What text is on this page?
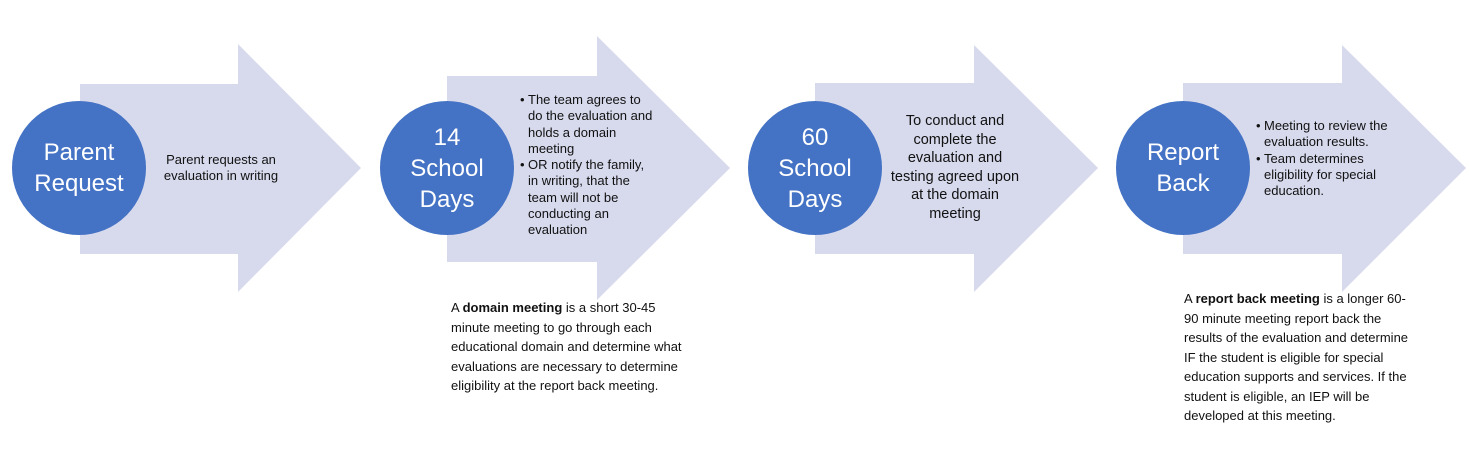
Parent
Request
14
School
Days
60
School
Days
Report
Back
Parent requests an evaluation in writing
• The team agrees to do the evaluation and holds a domain meeting
• OR notify the family, in writing, that the team will not be conducting an evaluation
To conduct and complete the evaluation and testing agreed upon at the domain meeting
• Meeting to review the evaluation results.
• Team determines eligibility for special education.
A domain meeting is a short 30-45 minute meeting to go through each educational domain and determine what evaluations are necessary to determine eligibility at the report back meeting.
A report back meeting is a longer 60-90 minute meeting report back the results of the evaluation and determine IF the student is eligible for special education supports and services. If the student is eligible, an IEP will be developed at this meeting.
